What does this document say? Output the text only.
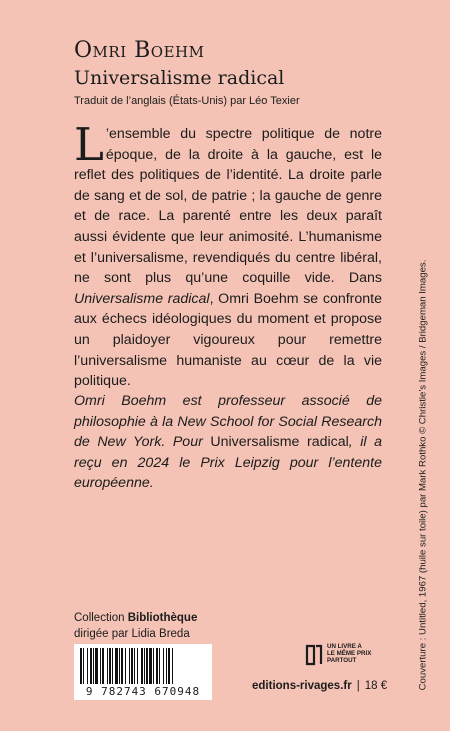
Omri Boehm
Universalisme radical
Traduit de l’anglais (États-Unis) par Léo Texier

L ’ensemble du spectre politique de notre époque, de la droite à la gauche, est le reflet des politiques de l’identité. La droite parle de sang et de sol, de patrie ; la gauche de genre et de race. La parenté entre les deux paraît aussi évidente que leur animosité. L’humanisme et l’universalisme, revendiqués du centre libéral, ne sont plus qu’une coquille vide. Dans Universalisme radical, Omri Boehm se confronte aux échecs idéologiques du moment et propose un plaidoyer vigoureux pour remettre l’universalisme humaniste au cœur de la vie politique.

Omri Boehm est professeur associé de philosophie à la New School for Social Research de New York. Pour Universalisme radical, il a reçu en 2024 le Prix Leipzig pour l’entente européenne.	Couverture : Untitled, 1967 (huile sur toile) par Mark Rothko © Christie’s Images / Bridgeman Images.
Collection Bibliothèque
dirigée par Lidia Breda
9 782743 670948
UN LIVRE A
LE MÊME PRIX
PARTOUT
editions-rivages.fr | 18 €
